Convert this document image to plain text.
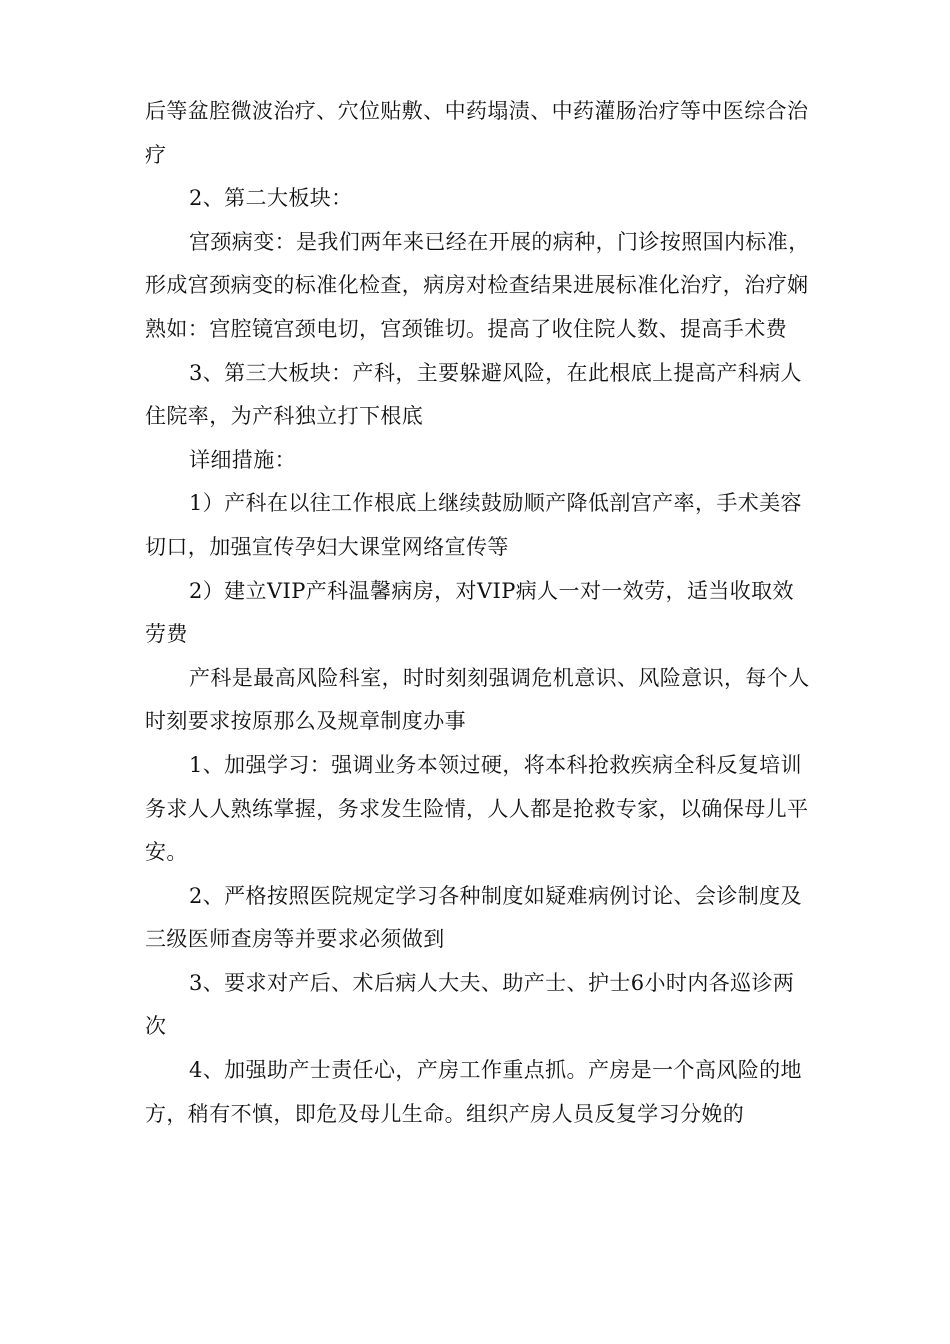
后等盆腔微波治疗、穴位贴敷、中药塌渍、中药灌肠治疗等中医综合治疗

2、第二大板块：

宫颈病变：是我们两年来已经在开展的病种，门诊按照国内标准，形成宫颈病变的标准化检查，病房对检查结果进展标准化治疗，治疗娴熟如：宫腔镜宫颈电切，宫颈锥切。提高了收住院人数、提高手术费

3、第三大板块：产科，主要躲避风险，在此根底上提高产科病人住院率，为产科独立打下根底

详细措施：

1）产科在以往工作根底上继续鼓励顺产降低剖宫产率，手术美容切口，加强宣传孕妇大课堂网络宣传等

2）建立VIP产科温馨病房，对VIP病人一对一效劳，适当收取效劳费

产科是最高风险科室，时时刻刻强调危机意识、风险意识，每个人时刻要求按原那么及规章制度办事

1、加强学习：强调业务本领过硬，将本科抢救疾病全科反复培训务求人人熟练掌握，务求发生险情，人人都是抢救专家，以确保母儿平安。

2、严格按照医院规定学习各种制度如疑难病例讨论、会诊制度及三级医师查房等并要求必须做到

3、要求对产后、术后病人大夫、助产士、护士6小时内各巡诊两次

4、加强助产士责任心，产房工作重点抓。产房是一个高风险的地方，稍有不慎，即危及母儿生命。组织产房人员反复学习分娩的
